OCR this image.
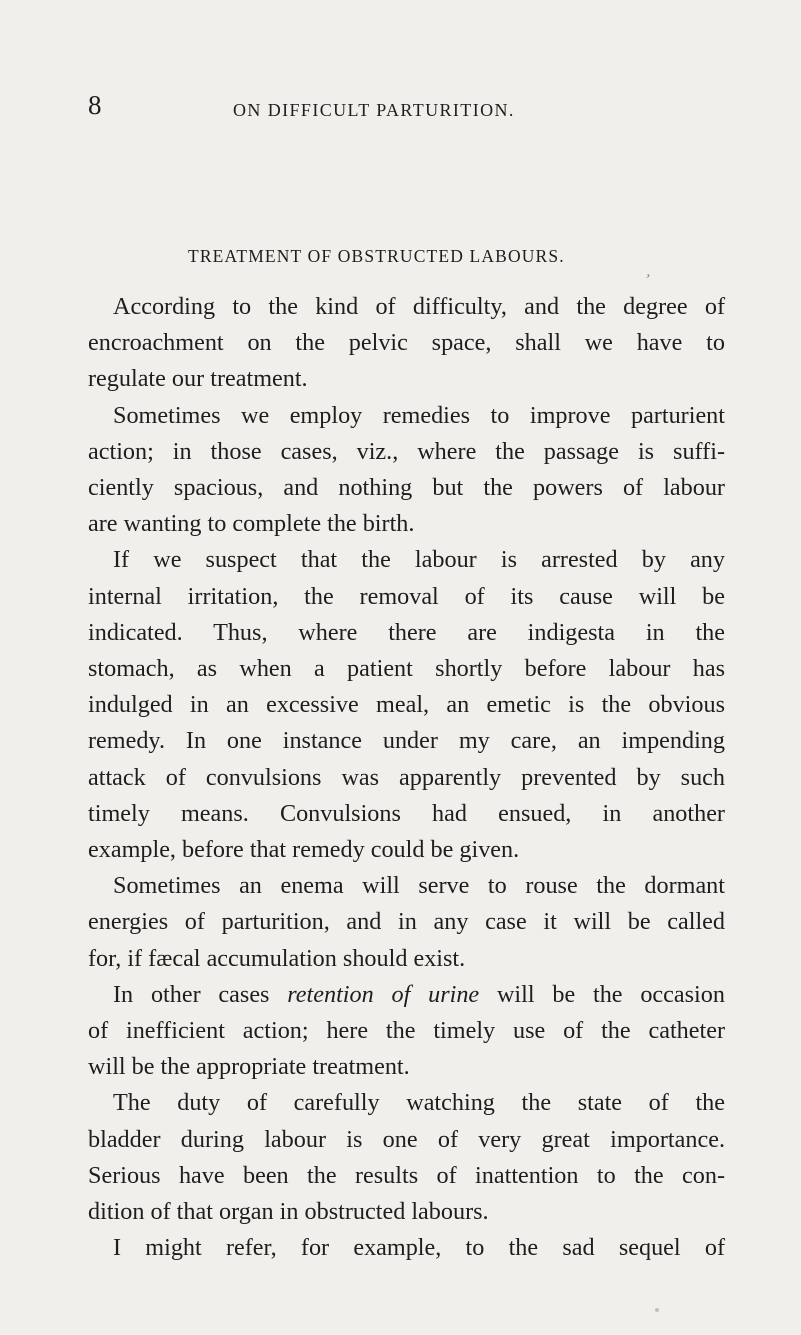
8	ON DIFFICULT PARTURITION.
TREATMENT OF OBSTRUCTED LABOURS.
,
According to the kind of difficulty, and the degree of
encroachment on the pelvic space, shall we have to
regulate our treatment.
Sometimes we employ remedies to improve parturient
action; in those cases, viz., where the passage is suffi-
ciently spacious, and nothing but the powers of labour
are wanting to complete the birth.
If we suspect that the labour is arrested by any
internal irritation, the removal of its cause will be
indicated. Thus, where there are indigesta in the
stomach, as when a patient shortly before labour has
indulged in an excessive meal, an emetic is the obvious
remedy. In one instance under my care, an impending
attack of convulsions was apparently prevented by such
timely means. Convulsions had ensued, in another
example, before that remedy could be given.
Sometimes an enema will serve to rouse the dormant
energies of parturition, and in any case it will be called
for, if fæcal accumulation should exist.
In other cases retention of urine will be the occasion
of inefficient action; here the timely use of the catheter
will be the appropriate treatment.
The duty of carefully watching the state of the
bladder during labour is one of very great importance.
Serious have been the results of inattention to the con-
dition of that organ in obstructed labours.
I might refer, for example, to the sad sequel of
